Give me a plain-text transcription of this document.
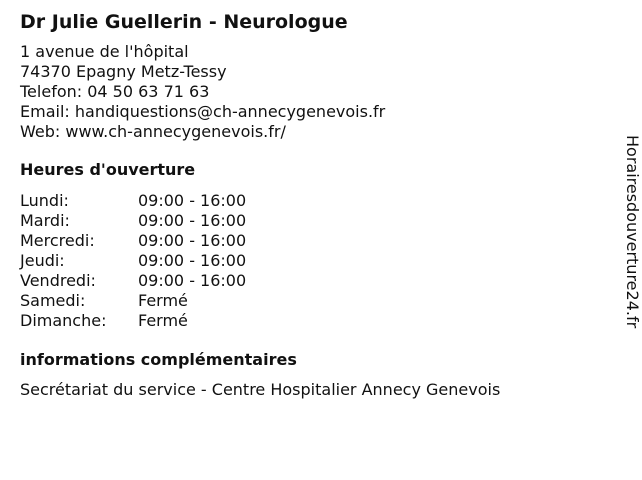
Dr Julie Guellerin - Neurologue
1 avenue de l'hôpital
74370 Epagny Metz-Tessy
Telefon: 04 50 63 71 63
Email: handiquestions@ch-annecygenevois.fr
Web: www.ch-annecygenevois.fr/
Heures d'ouverture
Lundi:	09:00 - 16:00
Mardi:	09:00 - 16:00
Mercredi:	09:00 - 16:00
Jeudi:	09:00 - 16:00
Vendredi:	09:00 - 16:00
Samedi:	Fermé
Dimanche:	Fermé
informations complémentaires
Secrétariat du service - Centre Hospitalier Annecy Genevois
Horairesdouverture24.fr
